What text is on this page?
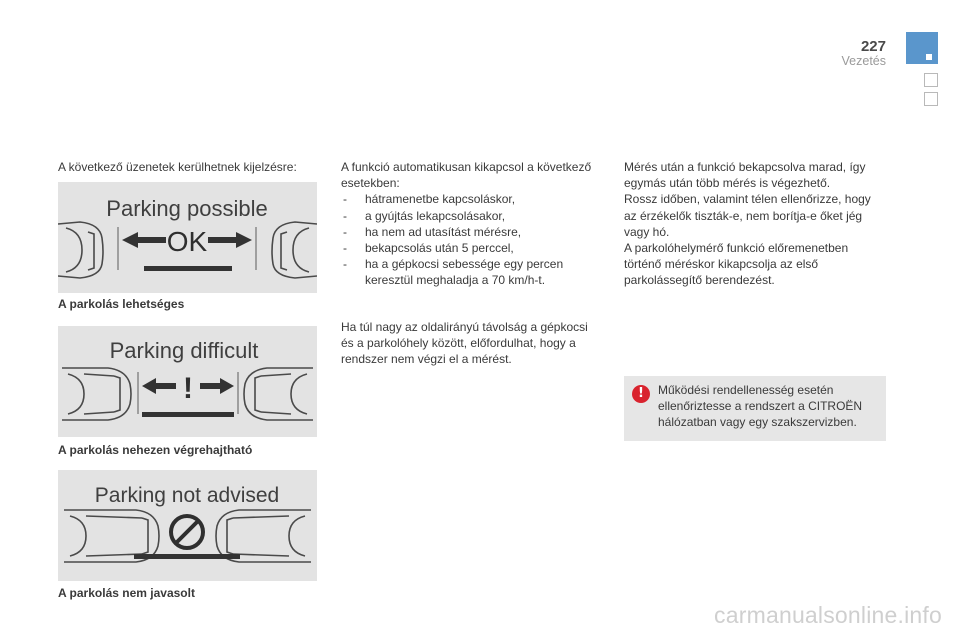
227
Vezetés
A következő üzenetek kerülhetnek kijelzésre:
Parking possible
OK
A parkolás lehetséges
Parking difficult
!
A parkolás nehezen végrehajtható
Parking not advised
A parkolás nem javasolt
A funkció automatikusan kikapcsol a következő
esetekben:
- hátramenetbe kapcsoláskor,
- a gyújtás lekapcsolásakor,
- ha nem ad utasítást mérésre,
- bekapcsolás után 5 perccel,
- ha a gépkocsi sebessége egy percen
keresztül meghaladja a 70 km/h-t.
Ha túl nagy az oldalirányú távolság a gépkocsi
és a parkolóhely között, előfordulhat, hogy a
rendszer nem végzi el a mérést.
Mérés után a funkció bekapcsolva marad, így
egymás után több mérés is végezhető.
Rossz időben, valamint télen ellenőrizze, hogy
az érzékelők tiszták-e, nem borítja-e őket jég
vagy hó.
A parkolóhelymérő funkció előremenetben
történő méréskor kikapcsolja az első
parkolássegítő berendezést.
!	Működési rendellenesség esetén
ellenőriztesse a rendszert a CITROËN
hálózatban vagy egy szakszervizben.
carmanualsonline.info
